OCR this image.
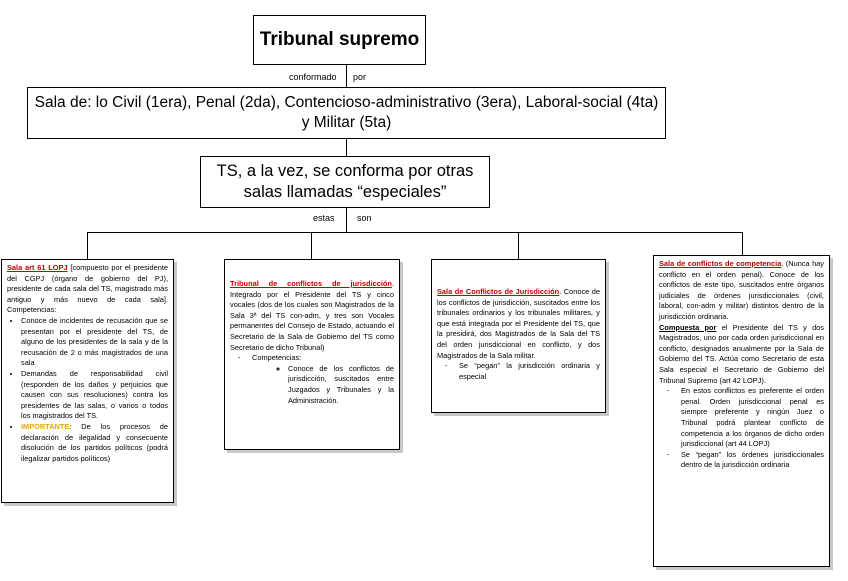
conformado por
estas son
Tribunal supremo
Sala de: lo Civil (1era), Penal (2da), Contencioso-administrativo (3era), Laboral-social (4ta)
y Militar (5ta)
TS, a la vez, se conforma por otras
salas llamadas “especiales”
Sala art 61 LOPJ [compuesto por el presidente del CGPJ (órgano de gobierno del PJ), presidente de cada sala del TS, magistrado más antiguo y más nuevo de cada sala]. Competencias:
• Conoce de incidentes de recusación que se presentan por el presidente del TS, de alguno de los presidentes de la sala y de la recusación de 2 o más magistrados de una sala
• Demandas de responsabilidad civil (responden de los daños y perjuicios que causen con sus resoluciones) contra los presidentes de las salas, o varios o todos los magistrados del TS.
• IMPORTANTE: De los procesos de declaración de ilegalidad y consecuente disolución de los partidos políticos (podrá ilegalizar partidos políticos)
Tribunal de conflictos de jurisdicción. Integrado por el Presidente del TS y cinco vocales (dos de los cuales son Magistrados de la Sala 3ª del TS con-adm, y tres son Vocales permanentes del Consejo de Estado, actuando el Secretario de la Sala de Gobierno del TS como Secretario de dicho Tribunal)
- Competencias:
◦ Conoce de los conflictos de jurisdicción, suscitados entre Juzgados y Tribunales y la Administración.
Sala de Conflictos de Jurisdicción. Conoce de los conflictos de jurisdicción, suscitados entre los tribunales ordinarios y los tribunales militares, y que está integrada por el Presidente del TS, que la presidirá, dos Magistrados de la Sala del TS del orden jurisdiccional en conflicto, y dos Magistrados de la Sala militar.
- Se “pegan” la jurisdicción ordinaria y especial
Sala de conflictos de competencia. (Nunca hay conflicto en el orden penal). Conoce de los conflictos de este tipo, suscitados entre órganos judiciales de órdenes jurisdiccionales (civil, laboral, con-adm y militar) distintos dentro de la jurisdicción ordinaria.
Compuesta por el Presidente del TS y dos Magistrados, uno por cada orden jurisdiccional en conflicto, designados anualmente por la Sala de Gobierno del TS. Actúa como Secretario de esta Sala especial el Secretario de Gobierno del Tribunal Supremo (art 42 LOPJ).
- En estos conflictos es preferente el orden penal. Orden jurisdiccional penal es siempre preferente y ningún Juez o Tribunal podrá plantear conflicto de competencia a los órganos de dicho orden jurisdiccional (art 44 LOPJ)
- Se “pegan” los órdenes jurisdiccionales dentro de la jurisdicción ordinaria
